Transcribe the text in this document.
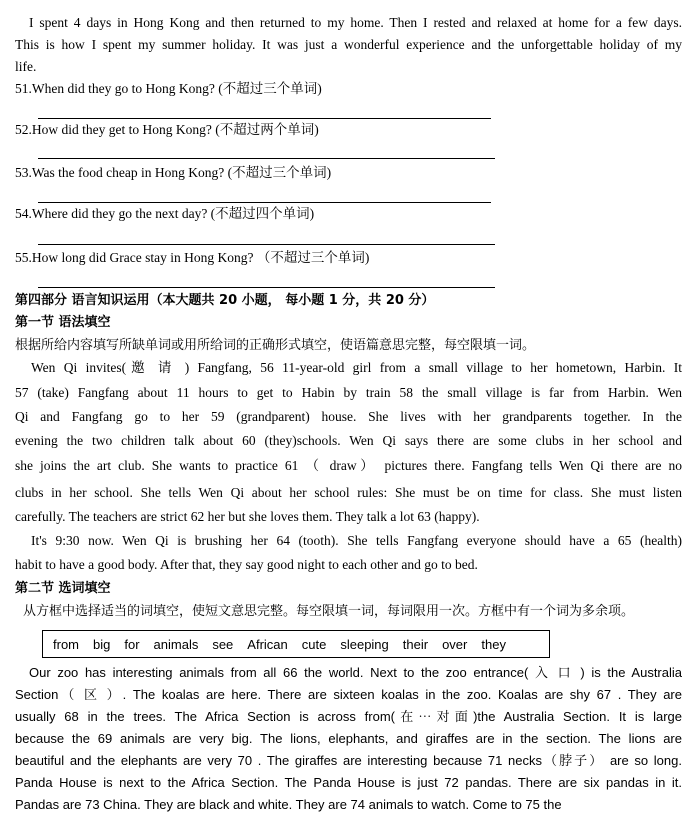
I spent 4 days in Hong Kong and then returned to my home. Then I rested and relaxed at home for a few days.
This is how I spent my summer holiday. It was just a wonderful experience and the unforgettable holiday of my
life.
51.When did they go to Hong Kong? (不超过三个单词)
52.How did they get to Hong Kong? (不超过两个单词)
53.Was the food cheap in Hong Kong? (不超过三个单词)
54.Where did they go the next day? (不超过四个单词)
55.How long did Grace stay in Hong Kong? （不超过三个单词)
第四部分 语言知识运用（本大题共 20 小题， 每小题 1 分，共 20 分）
第一节 语法填空
根据所给内容填写所缺单词或用所给词的正确形式填空，使语篇意思完整，每空限填一词。
Wen Qi invites(邀 请 ) Fangfang, 56 11-year-old girl from a small village to her hometown, Harbin. It
57 (take) Fangfang about 11 hours to get to Habin by train 58 the small village is far from Harbin. Wen
Qi and Fangfang go to her 59 (grandparent) house. She lives with her grandparents together. In the
evening the two children talk about 60 (they)schools. Wen Qi says there are some clubs in her school and
she joins the art club. She wants to practice 61 （ draw） pictures there. Fangfang tells Wen Qi there are no
clubs in her school. She tells Wen Qi about her school rules: She must be on time for class. She must listen
carefully. The teachers are strict 62 her but she loves them. They talk a lot 63 (happy).
It's 9:30 now. Wen Qi is brushing her 64 (tooth). She tells Fangfang everyone should have a 65 (health)
habit to have a good body. After that, they say good night to each other and go to bed.
第二节 选词填空
从方框中选择适当的词填空，使短文意思完整。每空限填一词，每词限用一次。方框中有一个词为多余项。
from big for animals see African cute sleeping their over they
Our zoo has interesting animals from all 66 the world. Next to the zoo entrance( 入 口 ) is the Australia
Section（ 区 ）. The koalas are here. There are sixteen koalas in the zoo. Koalas are shy 67 . They are
usually 68 in the trees. The Africa Section is across from(在⋯对面)the Australia Section. It is large
because the 69 animals are very big. The lions, elephants, and giraffes are in the section. The lions are
beautiful and the elephants are very 70 . The giraffes are interesting because 71 necks（脖子） are so long.
Panda House is next to the Africa Section. The Panda House is just 72 pandas. There are six pandas in it.
Pandas are 73 China. They are black and white. They are 74 animals to watch. Come to 75 the
